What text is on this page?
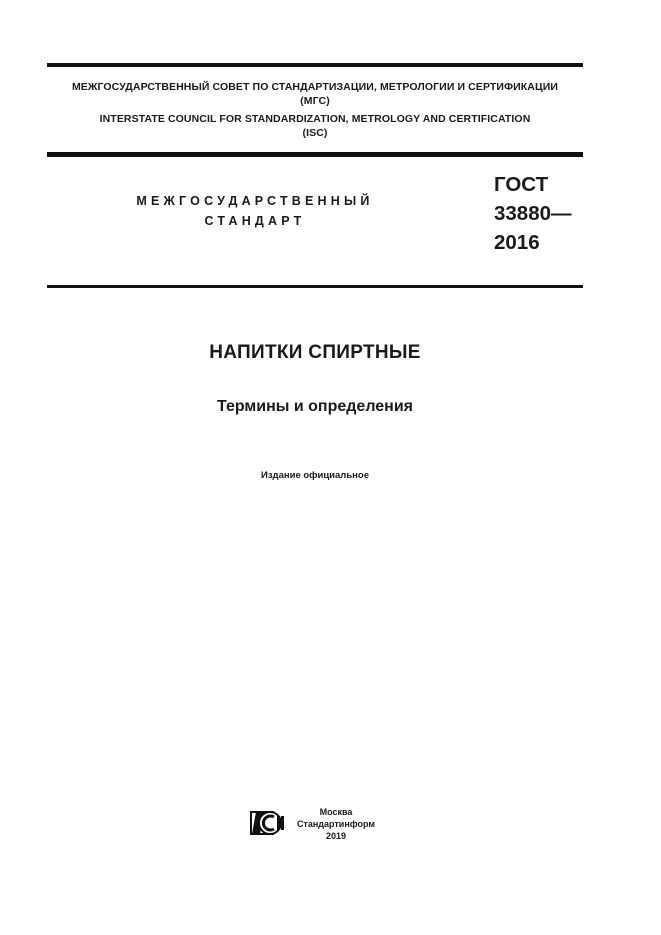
МЕЖГОСУДАРСТВЕННЫЙ СОВЕТ ПО СТАНДАРТИЗАЦИИ, МЕТРОЛОГИИ И СЕРТИФИКАЦИИ
(МГС)
INTERSTATE COUNCIL FOR STANDARDIZATION, METROLOGY AND CERTIFICATION
(ISC)
МЕЖГОСУДАРСТВЕННЫЙ
СТАНДАРТ
ГОСТ
33880—
2016
НАПИТКИ СПИРТНЫЕ
Термины и определения
Издание официальное
Москва
Стандартинформ
2019
